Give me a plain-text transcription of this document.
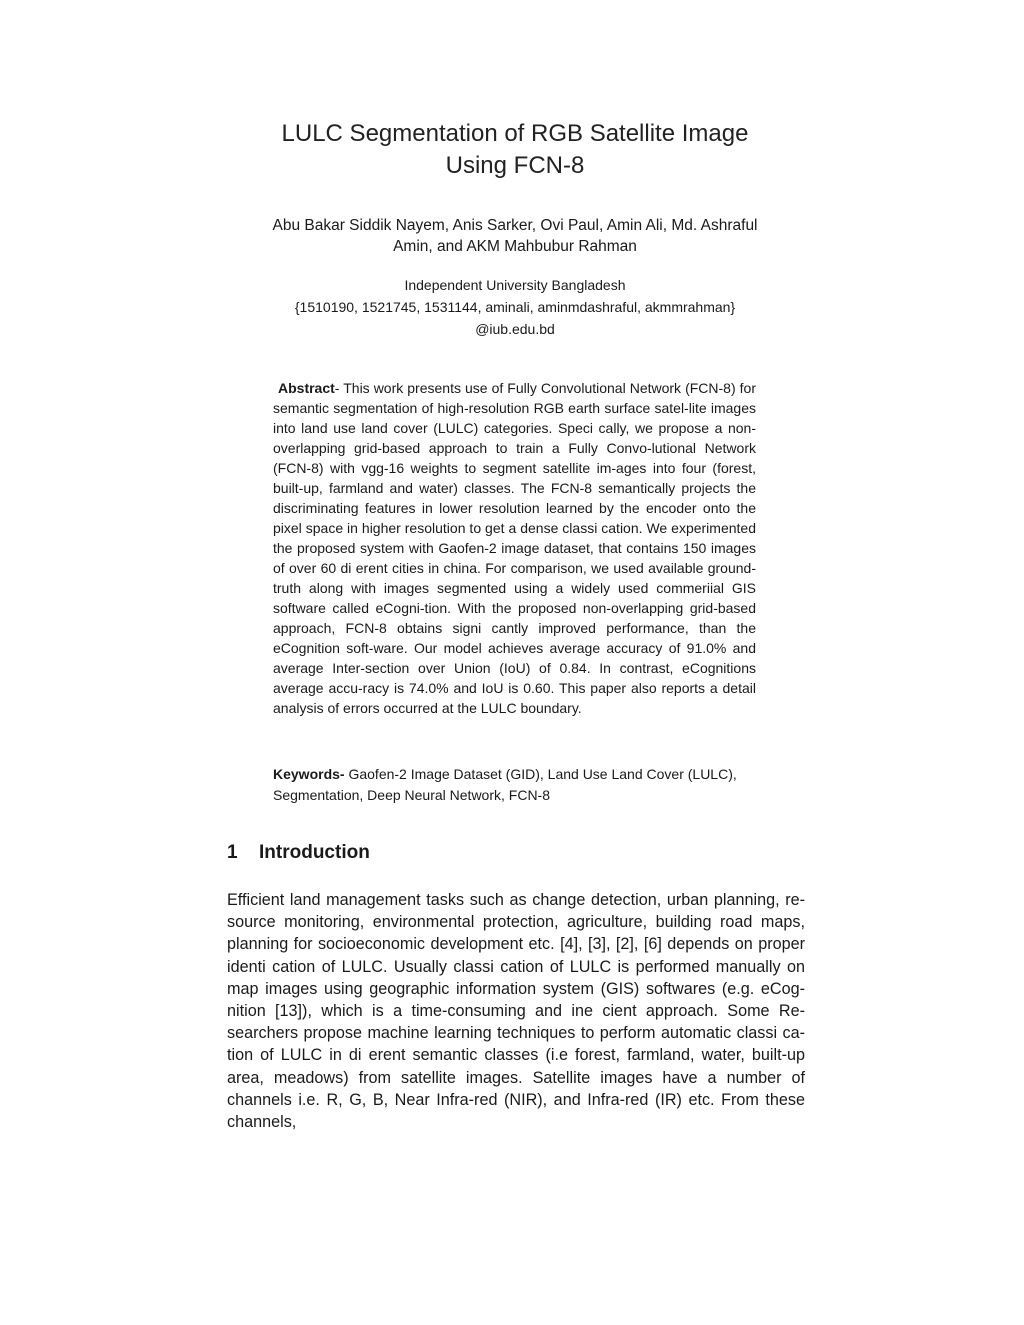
LULC Segmentation of RGB Satellite Image
Using FCN-8
Abu Bakar Siddik Nayem, Anis Sarker, Ovi Paul, Amin Ali, Md. Ashraful
Amin, and AKM Mahbubur Rahman
Independent University Bangladesh
{1510190, 1521745, 1531144, aminali, aminmdashraful, akmmrahman}
@iub.edu.bd
Abstract- This work presents use of Fully Convolutional Network (FCN-8) for semantic segmentation of high-resolution RGB earth surface satel-lite images into land use land cover (LULC) categories. Speci cally, we propose a non-overlapping grid-based approach to train a Fully Convo-lutional Network (FCN-8) with vgg-16 weights to segment satellite im-ages into four (forest, built-up, farmland and water) classes. The FCN-8 semantically projects the discriminating features in lower resolution learned by the encoder onto the pixel space in higher resolution to get a dense classi cation. We experimented the proposed system with Gaofen-2 image dataset, that contains 150 images of over 60 di erent cities in china. For comparison, we used available ground-truth along with images segmented using a widely used commeriial GIS software called eCogni-tion. With the proposed non-overlapping grid-based approach, FCN-8 obtains signi cantly improved performance, than the eCognition soft-ware. Our model achieves average accuracy of 91.0% and average Inter-section over Union (IoU) of 0.84. In contrast, eCognitions average accu-racy is 74.0% and IoU is 0.60. This paper also reports a detail analysis of errors occurred at the LULC boundary.
Keywords- Gaofen-2 Image Dataset (GID), Land Use Land Cover (LULC), Segmentation, Deep Neural Network, FCN-8
1 Introduction
Efficient land management tasks such as change detection, urban planning, re-source monitoring, environmental protection, agriculture, building road maps, planning for socioeconomic development etc. [4], [3], [2], [6] depends on proper identi cation of LULC. Usually classi cation of LULC is performed manually on map images using geographic information system (GIS) softwares (e.g. eCog-nition [13]), which is a time-consuming and ine cient approach. Some Re-searchers propose machine learning techniques to perform automatic classi ca-tion of LULC in di erent semantic classes (i.e forest, farmland, water, built-up area, meadows) from satellite images. Satellite images have a number of channels i.e. R, G, B, Near Infra-red (NIR), and Infra-red (IR) etc. From these channels,
